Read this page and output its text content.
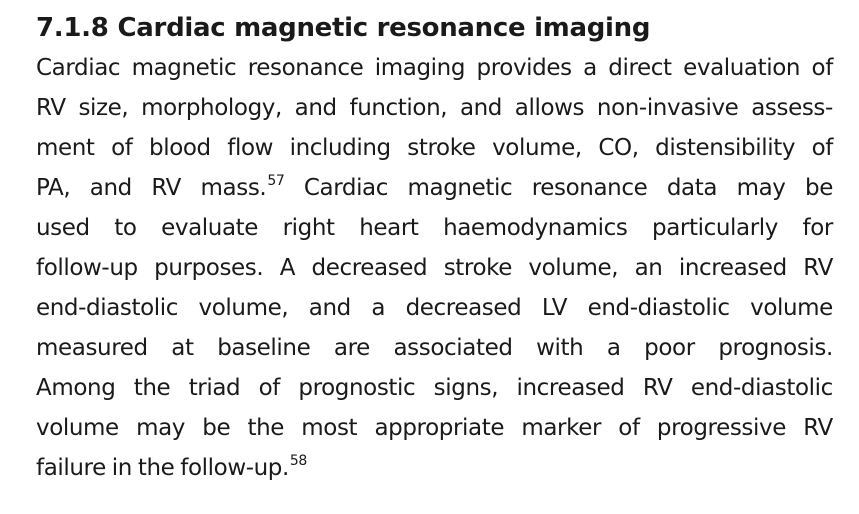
7.1.8 Cardiac magnetic resonance imaging
Cardiac magnetic resonance imaging provides a direct evaluation of
RV size, morphology, and function, and allows non-invasive assess-
ment of blood flow including stroke volume, CO, distensibility of
PA, and RV mass.$^{57}$ Cardiac magnetic resonance data may be
used to evaluate right heart haemodynamics particularly for
follow-up purposes. A decreased stroke volume, an increased RV
end-diastolic volume, and a decreased LV end-diastolic volume
measured at baseline are associated with a poor prognosis.
Among the triad of prognostic signs, increased RV end-diastolic
volume may be the most appropriate marker of progressive RV
failure in the follow-up.$^{58}$
